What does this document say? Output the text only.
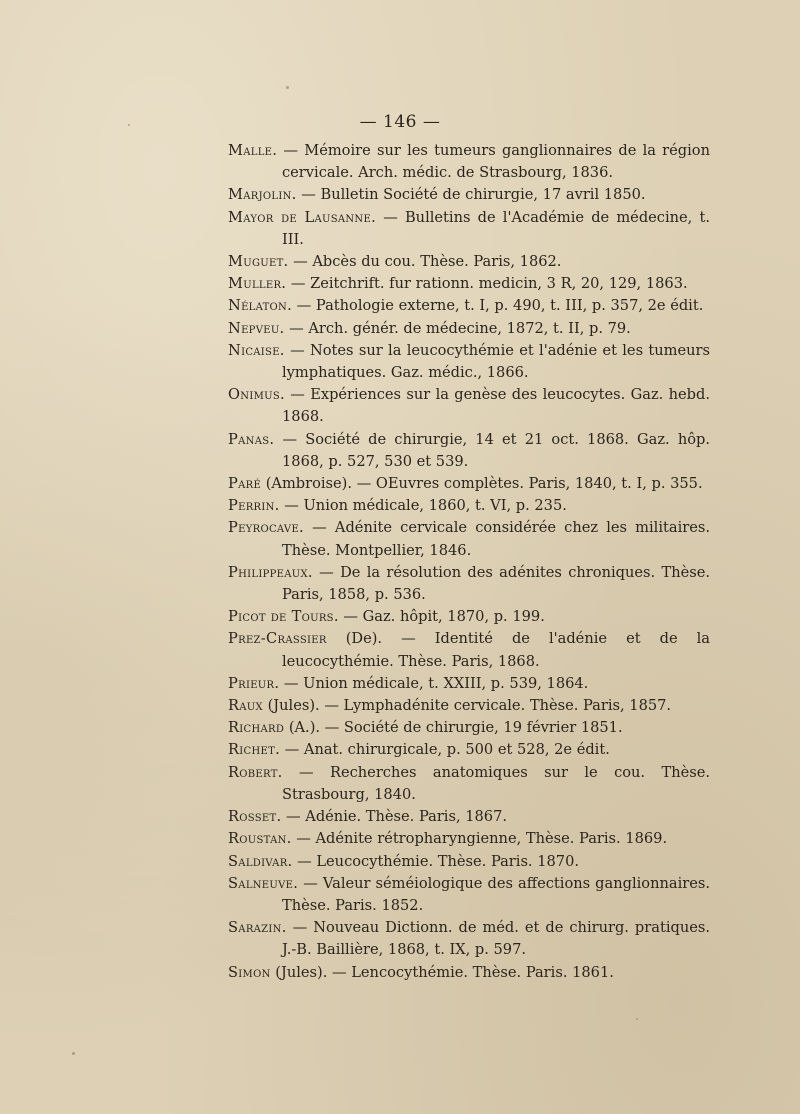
— 146 —

Malle. — Mémoire sur les tumeurs ganglionnaires de la région cervicale. Arch. médic. de Strasbourg, 1836.

Marjolin. — Bulletin Société de chirurgie, 17 avril 1850.

Mayor de Lausanne. — Bulletins de l'Académie de médecine, t. III.

Muguet. — Abcès du cou. Thèse. Paris, 1862.

Muller. — Zeitchrift. fur rationn. medicin, 3 R, 20, 129, 1863.

Nélaton. — Pathologie externe, t. I, p. 490, t. III, p. 357, 2e édit.

Nepveu. — Arch. génér. de médecine, 1872, t. II, p. 79.

Nicaise. — Notes sur la leucocythémie et l'adénie et les tumeurs lymphatiques. Gaz. médic., 1866.

Onimus. — Expériences sur la genèse des leucocytes. Gaz. hebd. 1868.

Panas. — Société de chirurgie, 14 et 21 oct. 1868. Gaz. hôp. 1868, p. 527, 530 et 539.

Paré (Ambroise). — OEuvres complètes. Paris, 1840, t. I, p. 355.

Perrin. — Union médicale, 1860, t. VI, p. 235.

Peyrocave. — Adénite cervicale considérée chez les militaires. Thèse. Montpellier, 1846.

Philippeaux. — De la résolution des adénites chroniques. Thèse. Paris, 1858, p. 536.

Picot de Tours. — Gaz. hôpit, 1870, p. 199.

Prez-Crassier (De). — Identité de l'adénie et de la leucocythémie. Thèse. Paris, 1868.

Prieur. — Union médicale, t. XXIII, p. 539, 1864.

Raux (Jules). — Lymphadénite cervicale. Thèse. Paris, 1857.

Richard (A.). — Société de chirurgie, 19 février 1851.

Richet. — Anat. chirurgicale, p. 500 et 528, 2e édit.

Robert. — Recherches anatomiques sur le cou. Thèse. Strasbourg, 1840.

Rosset. — Adénie. Thèse. Paris, 1867.

Roustan. — Adénite rétropharyngienne, Thèse. Paris. 1869.

Saldivar. — Leucocythémie. Thèse. Paris. 1870.

Salneuve. — Valeur séméiologique des affections ganglionnaires. Thèse. Paris. 1852.

Sarazin. — Nouveau Dictionn. de méd. et de chirurg. pratiques. J.-B. Baillière, 1868, t. IX, p. 597.

Simon (Jules). — Lencocythémie. Thèse. Paris. 1861.
